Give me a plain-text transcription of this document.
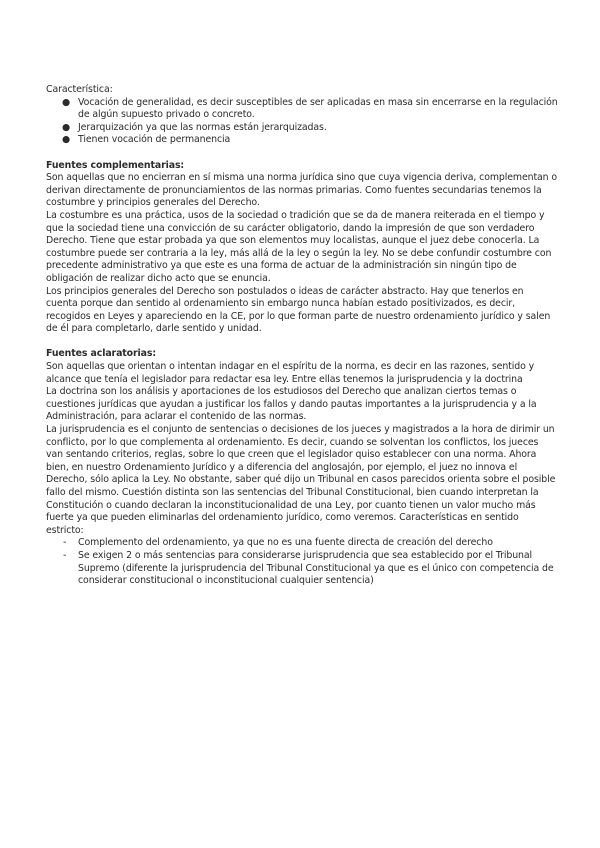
Característica:

● Vocación de generalidad, es decir susceptibles de ser aplicadas en masa sin encerrarse en la regulación de algún supuesto privado o concreto.
● Jerarquización ya que las normas están jerarquizadas.
● Tienen vocación de permanencia

Fuentes complementarias:

Son aquellas que no encierran en sí misma una norma jurídica sino que cuya vigencia deriva, complementan o derivan directamente de pronunciamientos de las normas primarias. Como fuentes secundarias tenemos la costumbre y principios generales del Derecho.

La costumbre es una práctica, usos de la sociedad o tradición que se da de manera reiterada en el tiempo y que la sociedad tiene una convicción de su carácter obligatorio, dando la impresión de que son verdadero Derecho. Tiene que estar probada ya que son elementos muy localistas, aunque el juez debe conocerla. La costumbre puede ser contraria a la ley, más allá de la ley o según la ley. No se debe confundir costumbre con precedente administrativo ya que este es una forma de actuar de la administración sin ningún tipo de obligación de realizar dicho acto que se enuncia.

Los principios generales del Derecho son postulados o ideas de carácter abstracto. Hay que tenerlos en cuenta porque dan sentido al ordenamiento sin embargo nunca habían estado positivizados, es decir, recogidos en Leyes y apareciendo en la CE, por lo que forman parte de nuestro ordenamiento jurídico y salen de él para completarlo, darle sentido y unidad.

Fuentes aclaratorias:

Son aquellas que orientan o intentan indagar en el espíritu de la norma, es decir en las razones, sentido y alcance que tenía el legislador para redactar esa ley. Entre ellas tenemos la jurisprudencia y la doctrina

La doctrina son los análisis y aportaciones de los estudiosos del Derecho que analizan ciertos temas o cuestiones jurídicas que ayudan a justificar los fallos y dando pautas importantes a la jurisprudencia y a la Administración, para aclarar el contenido de las normas.

La jurisprudencia es el conjunto de sentencias o decisiones de los jueces y magistrados a la hora de dirimir un conflicto, por lo que complementa al ordenamiento. Es decir, cuando se solventan los conflictos, los jueces van sentando criterios, reglas, sobre lo que creen que el legislador quiso establecer con una norma. Ahora bien, en nuestro Ordenamiento Jurídico y a diferencia del anglosajón, por ejemplo, el juez no innova el Derecho, sólo aplica la Ley. No obstante, saber qué dijo un Tribunal en casos parecidos orienta sobre el posible fallo del mismo. Cuestión distinta son las sentencias del Tribunal Constitucional, bien cuando interpretan la Constitución o cuando declaran la inconstitucionalidad de una Ley, por cuanto tienen un valor mucho más fuerte ya que pueden eliminarlas del ordenamiento jurídico, como veremos. Características en sentido estricto:

- Complemento del ordenamiento, ya que no es una fuente directa de creación del derecho
- Se exigen 2 o más sentencias para considerarse jurisprudencia que sea establecido por el Tribunal Supremo (diferente la jurisprudencia del Tribunal Constitucional ya que es el único con competencia de considerar constitucional o inconstitucional cualquier sentencia)
